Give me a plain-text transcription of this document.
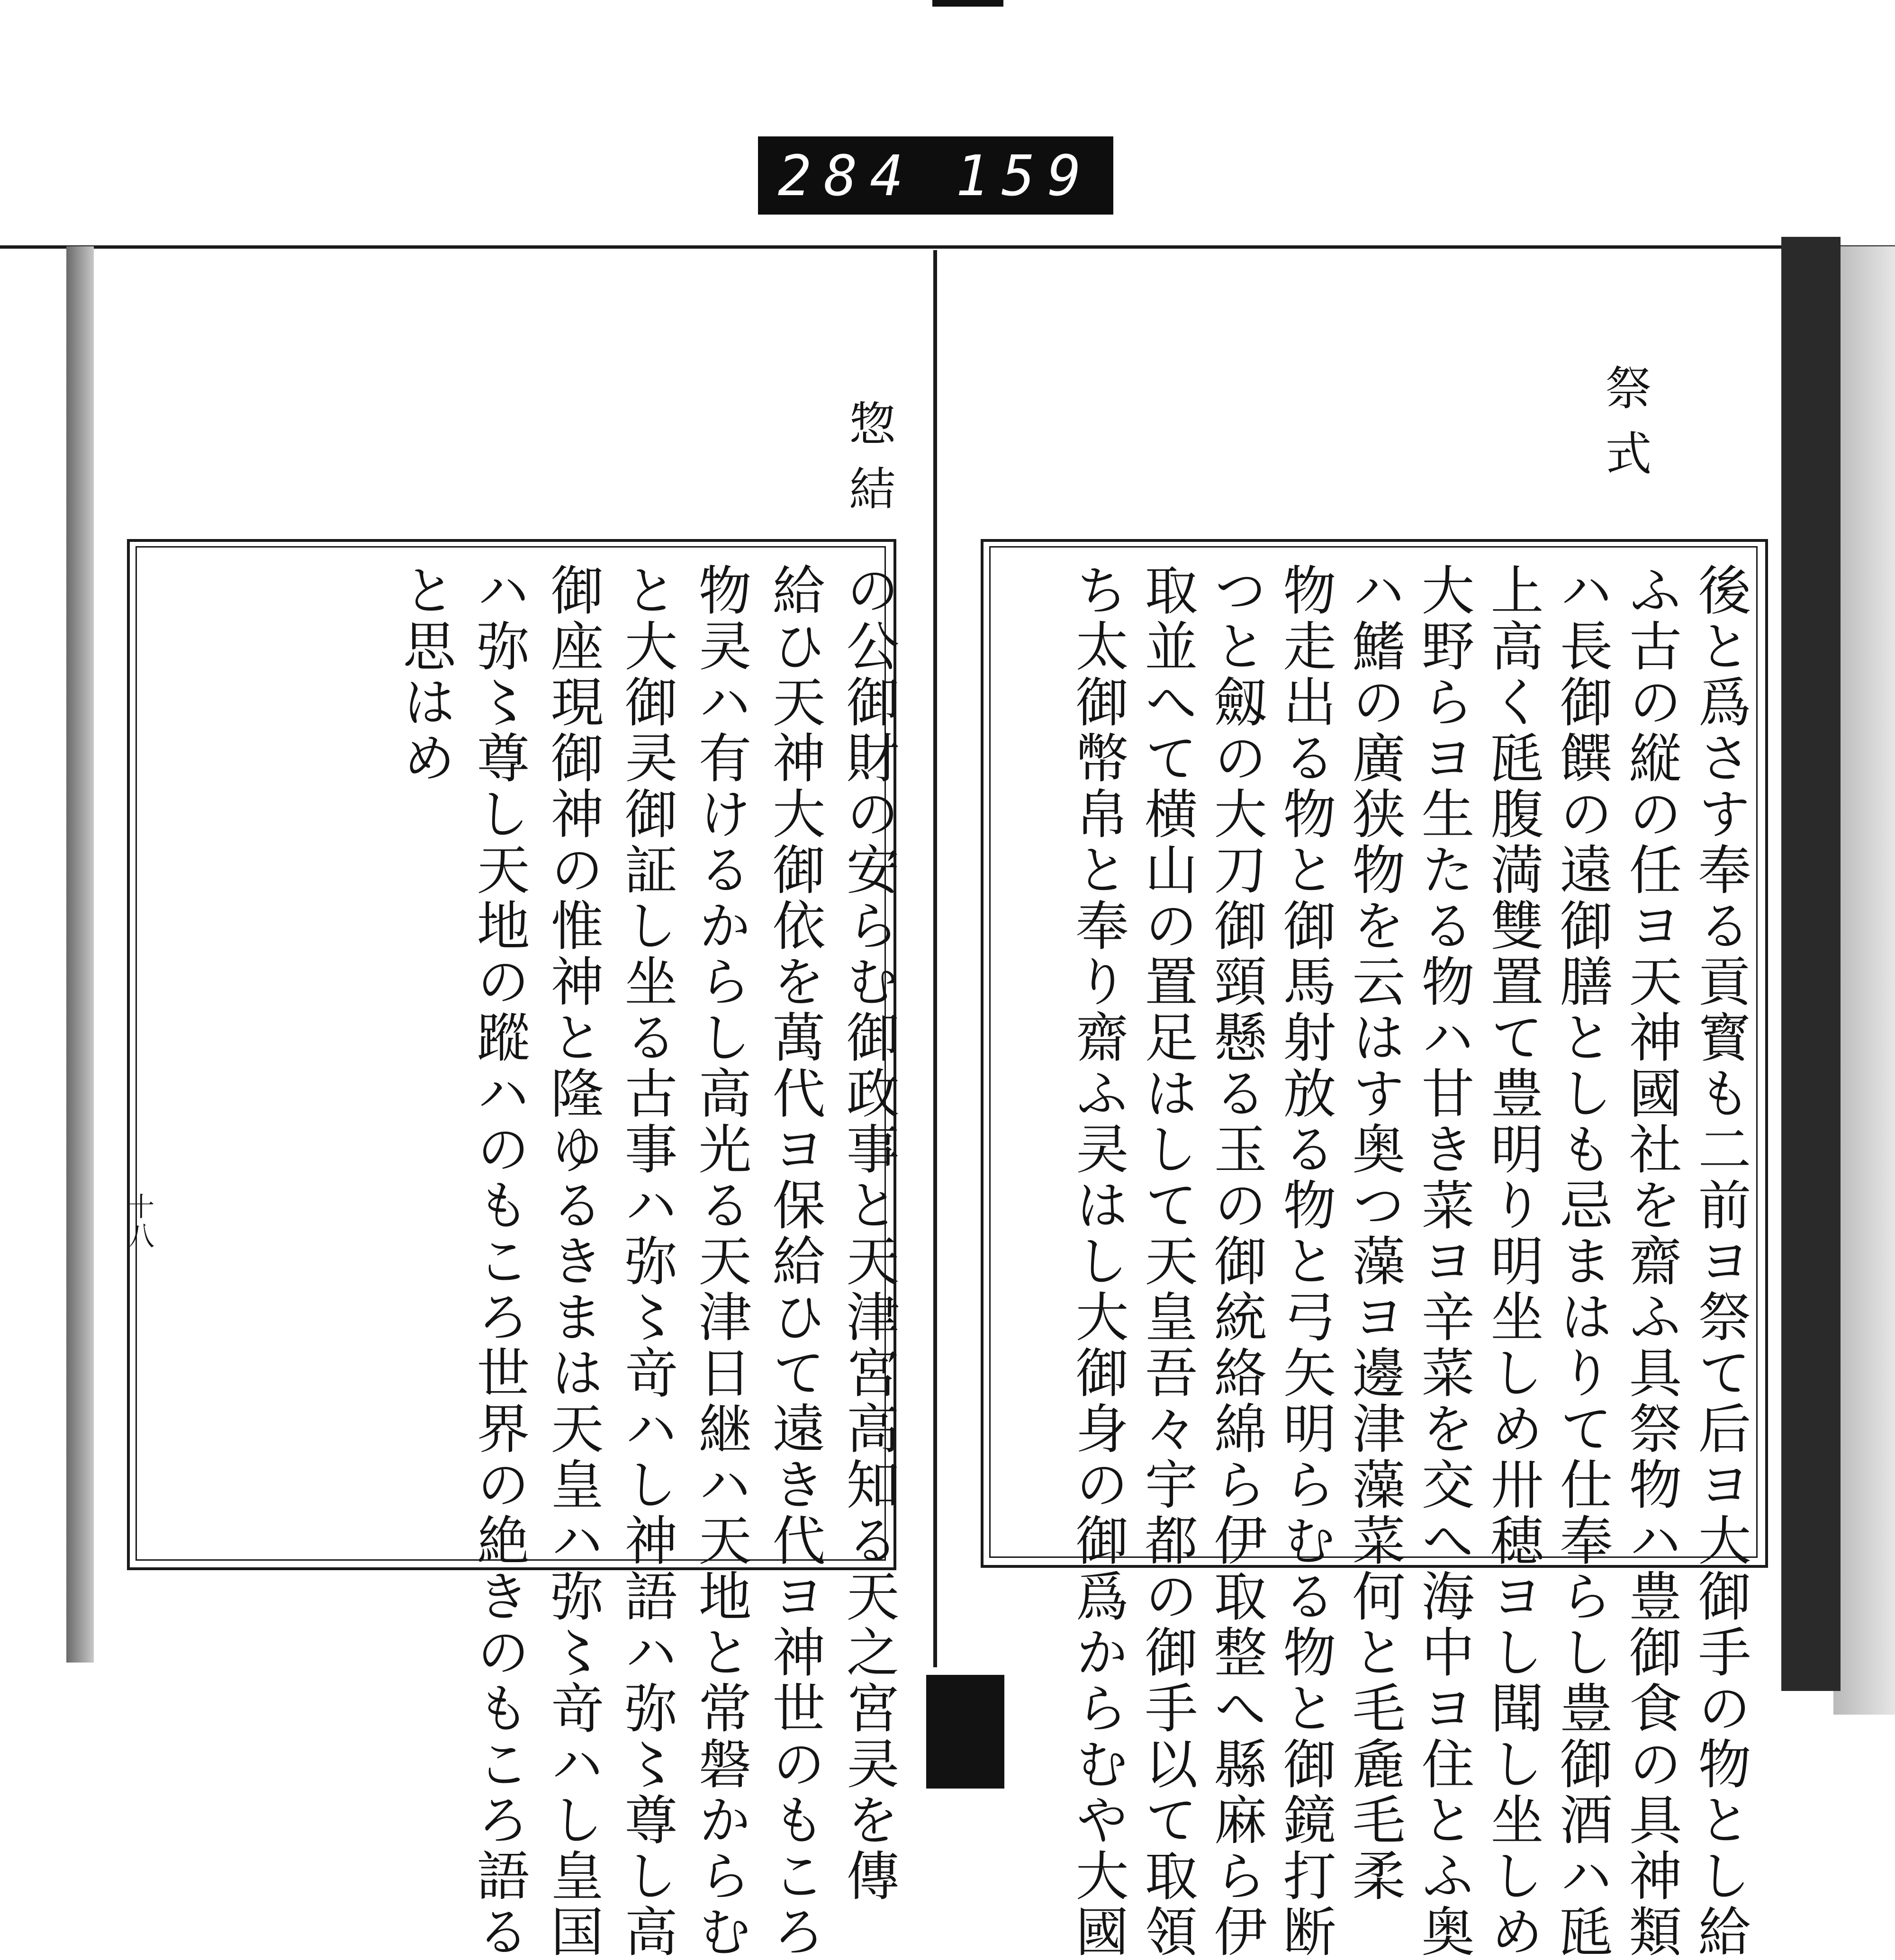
284 159
惣結
十八	の公御財の安らむ御政事と天津宮高知る天之宮㚑を傳
給ひ天神大御依を萬代ヨ保給ひて遠き代ヨ神世のもころ
物㚑ハ有けるからし高光る天津日継ハ天地と常磐からむ
と大御㚑御証し坐る古事ハ弥〻竒ハし神語ハ弥〻尊し高
御座現御神の惟神と隆ゆるきまは天皇ハ弥〻竒ハし皇国
ハ弥〻尊し天地の蹤ハのもころ世界の絶きのもころ語る
と思はめ
祭式
後と爲さす奉る貢寳も二前ヨ祭て后ヨ大御手の物とし給
ふ古の縦の任ヨ天神國社を齋ふ具祭物ハ豊御食の具神類
ハ長御饌の遠御膳としも忌まはりて仕奉らし豊御酒ハ瓱
上高く瓱腹満雙置て豊明り明坐しめ卅穂ヨし聞し坐しめ
大野らヨ生たる物ハ甘き菜ヨ辛菜を交へ海中ヨ住とふ奥
ハ鰭の廣狭物を云はす奥つ藻ヨ邊津藻菜何と毛麁毛柔
物走出る物と御馬射放る物と弓矢明らむる物と御鏡打断
つと劔の大刀御頸懸る玉の御統絡綿ら伊取整へ縣麻ら伊
取並へて横山の置足はして天皇吾々宇都の御手以て取領
ち太御幣帛と奉り齋ふ㚑はし大御身の御爲からむや大國
